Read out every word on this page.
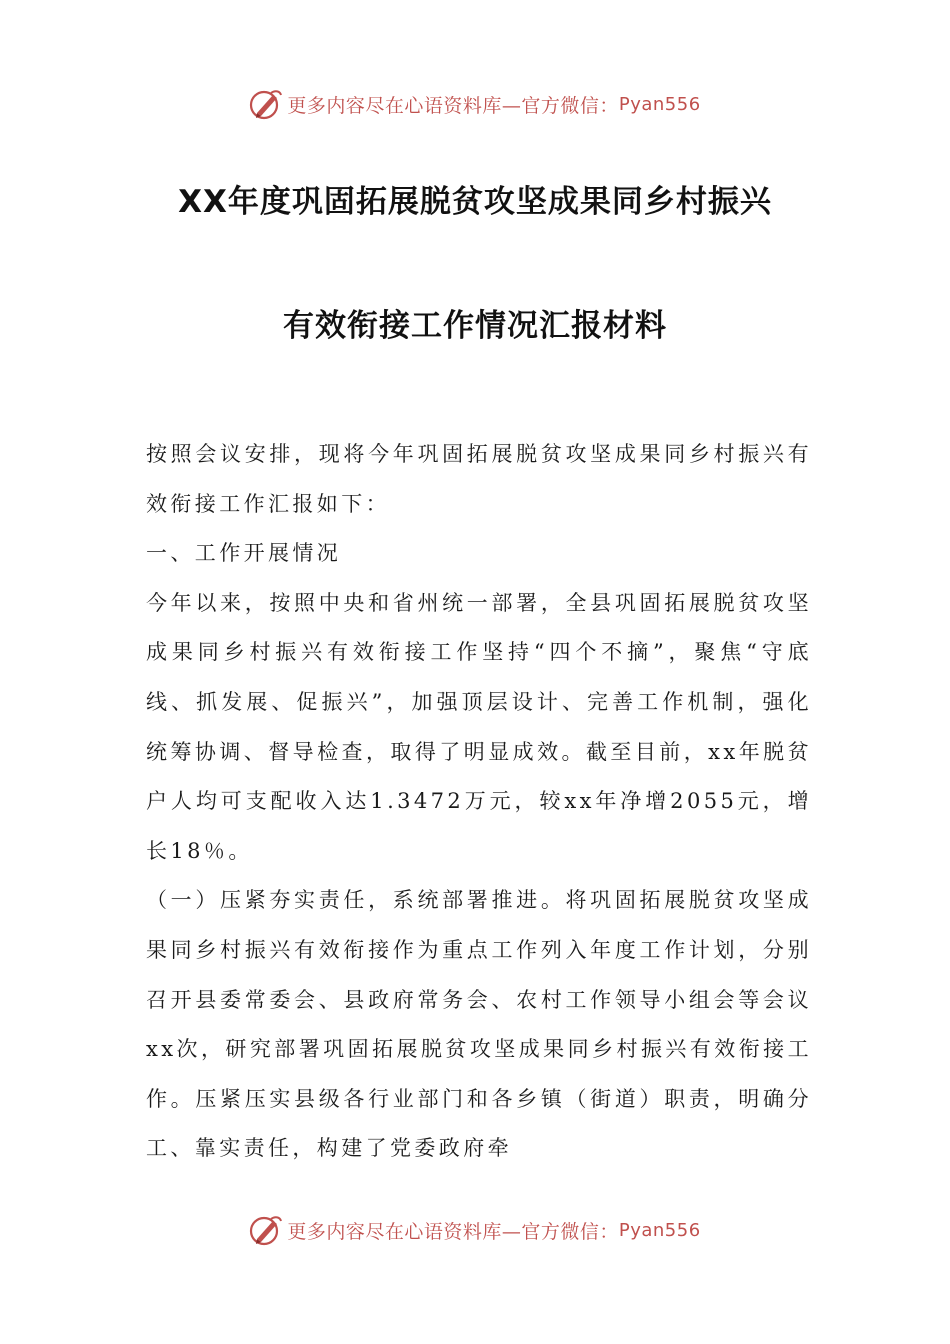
更多内容尽在心语资料库—官方微信： Pyan556
XX年度巩固拓展脱贫攻坚成果同乡村振兴
有效衔接工作情况汇报材料

按照会议安排，现将今年巩固拓展脱贫攻坚成果同乡村振兴有效衔接工作汇报如下：

一、工作开展情况

今年以来，按照中央和省州统一部署，全县巩固拓展脱贫攻坚成果同乡村振兴有效衔接工作坚持“四个不摘”，聚焦“守底线、抓发展、促振兴”，加强顶层设计、完善工作机制，强化统筹协调、督导检查，取得了明显成效。截至目前，xx年脱贫户人均可支配收入达1.3472万元，较xx年净增2055元，增长18％。

（一）压紧夯实责任，系统部署推进。将巩固拓展脱贫攻坚成果同乡村振兴有效衔接作为重点工作列入年度工作计划，分别召开县委常委会、县政府常务会、农村工作领导小组会等会议xx次，研究部署巩固拓展脱贫攻坚成果同乡村振兴有效衔接工作。压紧压实县级各行业部门和各乡镇（街道）职责，明确分工、靠实责任，构建了党委政府牵

更多内容尽在心语资料库—官方微信： Pyan556
